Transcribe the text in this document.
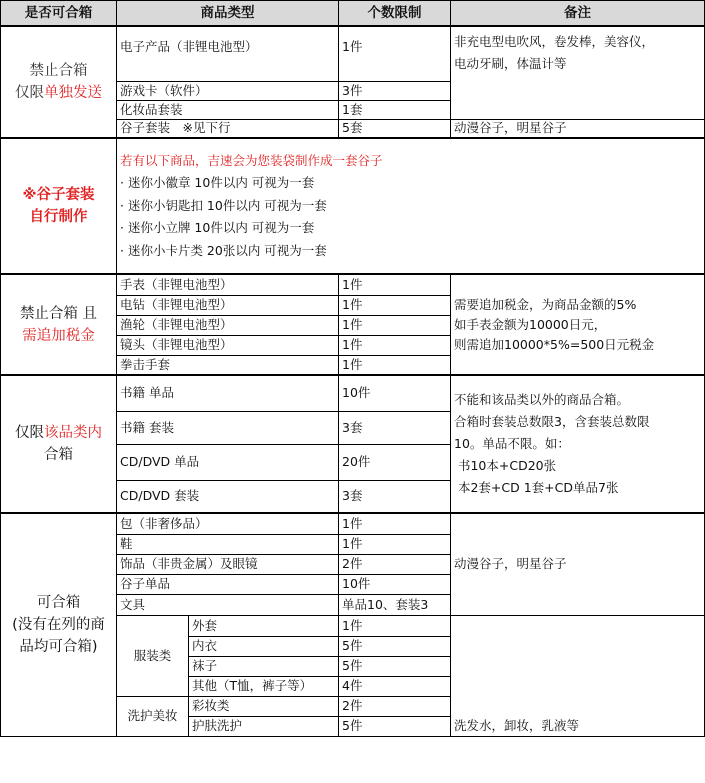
是否可合箱	商品类型		个数限制	备注
禁止合箱
仅限单独发送	电子产品（非锂电池型）		1件	非充电型电吹风，卷发棒，美容仪，
电动牙刷，体温计等

	游戏卡（软件）		3件	
	化妆品套装		1套	
	谷子套装　※见下行		5套	动漫谷子，明星谷子
※谷子套装
自行制作	若有以下商品，吉速会为您装袋制作成一套谷子
· 迷你小徽章 10件以内 可视为一套
· 迷你小钥匙扣 10件以内 可视为一套
· 迷你小立牌 10件以内 可视为一套
· 迷你小卡片类 20张以内 可视为一套			

禁止合箱 且
需追加税金	手表（非锂电池型）		1件	需要追加税金，为商品金额的5%
如手表金额为10000日元，
则需追加10000*5%=500日元税金

	电钻（非锂电池型）		1件	
	渔轮（非锂电池型）		1件	
	镜头（非锂电池型）		1件	
	拳击手套		1件	
仅限该品类内
合箱	书籍 单品		10件	不能和该品类以外的商品合箱。
合箱时套装总数限3，含套装总数限
10。单品不限。如：
书10本+CD20张
本2套+CD 1套+CD单品7张

	书籍 套装		3套	
	CD/DVD 单品		20件	
	CD/DVD 套装		3套	
可合箱
(没有在列的商
品均可合箱)	包（非奢侈品）		1件	动漫谷子，明星谷子
	鞋		1件	
	饰品（非贵金属）及眼镜		2件	
	谷子单品		10件	
	文具		单品10、套装3	
	服装类	外套	1件	洗发水，卸妆，乳液等
		内衣	5件	
		袜子	5件	
		其他（T恤，裤子等）	4件	
	洗护美妆	彩妆类	2件	
		护肤洗护	5件	
